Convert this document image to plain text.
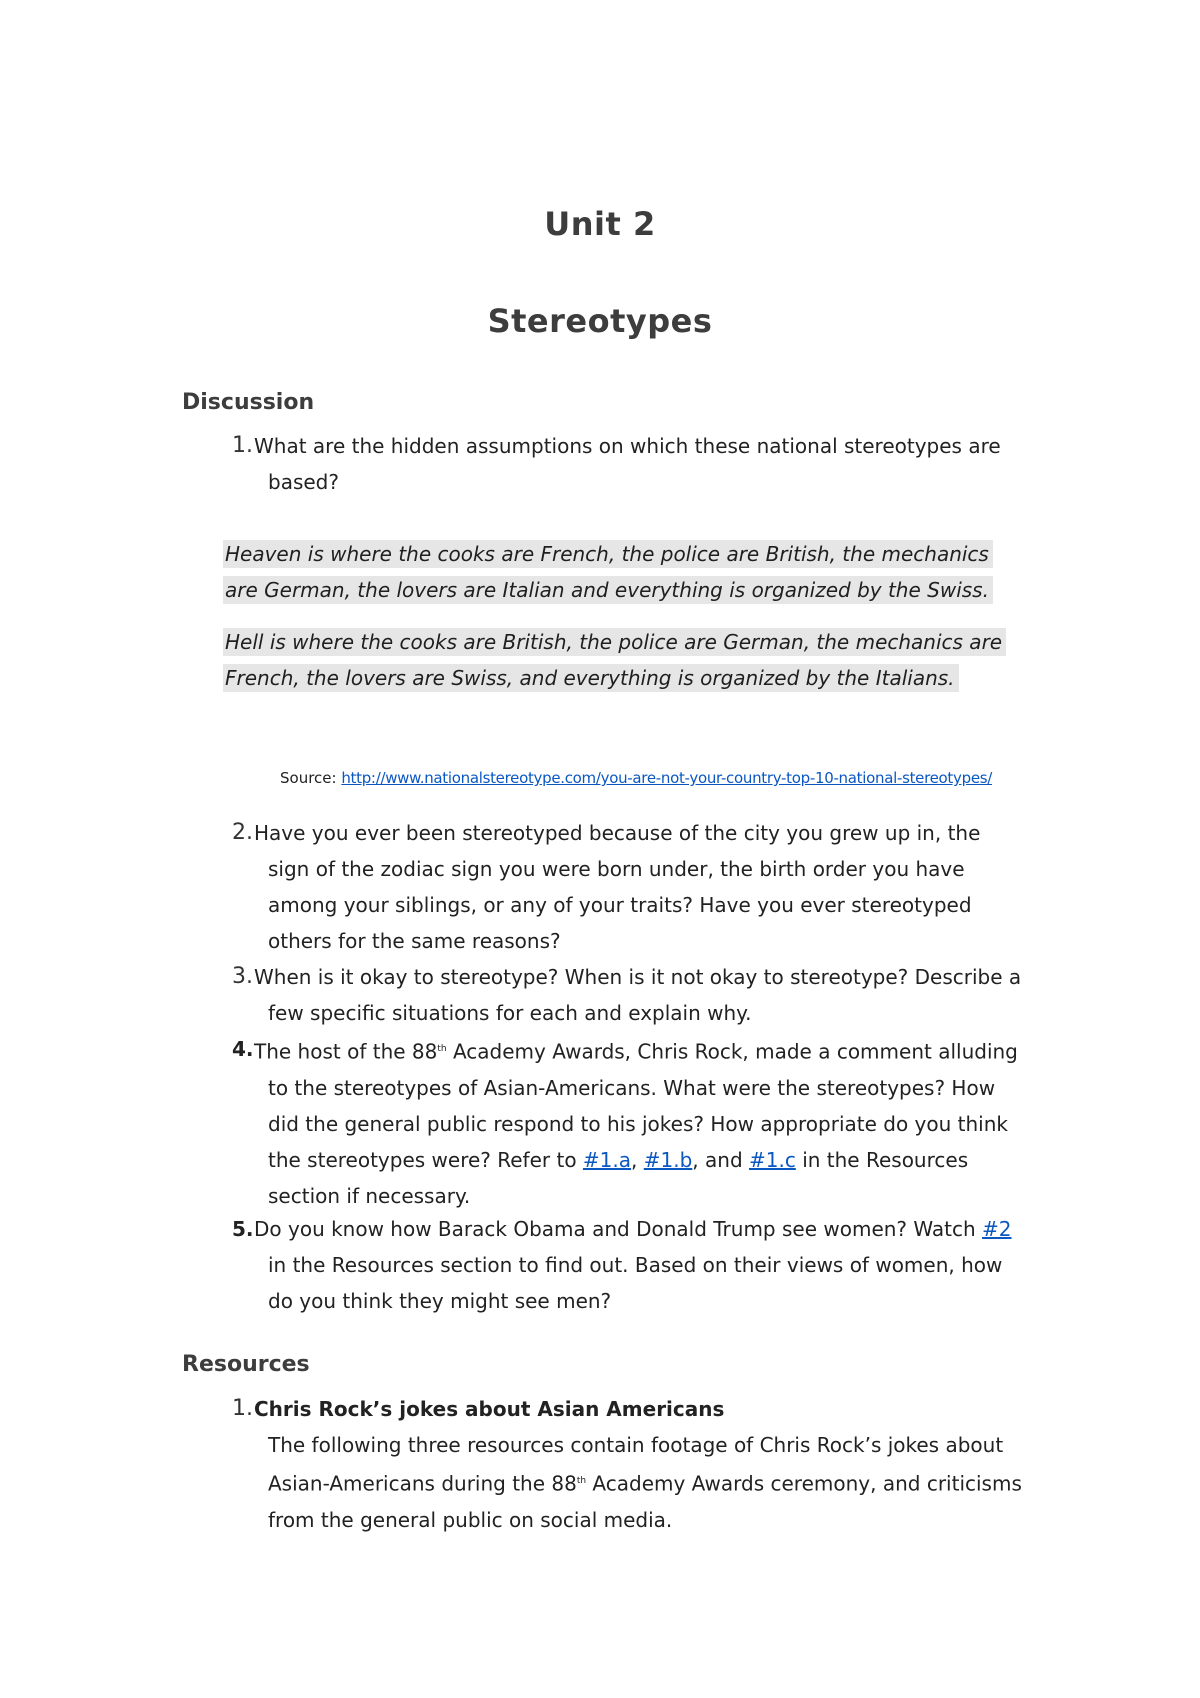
Unit 2
Stereotypes
Discussion
1. What are the hidden assumptions on which these national stereotypes are based?
Heaven is where the cooks are French, the police are British, the mechanics are German, the lovers are Italian and everything is organized by the Swiss.
Hell is where the cooks are British, the police are German, the mechanics are French, the lovers are Swiss, and everything is organized by the Italians.
Source: http://www.nationalstereotype.com/you-are-not-your-country-top-10-national-stereotypes/
2. Have you ever been stereotyped because of the city you grew up in, the sign of the zodiac sign you were born under, the birth order you have among your siblings, or any of your traits? Have you ever stereotyped others for the same reasons?
3. When is it okay to stereotype? When is it not okay to stereotype? Describe a few specific situations for each and explain why.
4. The host of the 88th Academy Awards, Chris Rock, made a comment alluding to the stereotypes of Asian-Americans. What were the stereotypes? How did the general public respond to his jokes? How appropriate do you think the stereotypes were? Refer to #1.a, #1.b, and #1.c in the Resources section if necessary.
5. Do you know how Barack Obama and Donald Trump see women? Watch #2 in the Resources section to find out. Based on their views of women, how do you think they might see men?
Resources
1. Chris Rock’s jokes about Asian Americans
The following three resources contain footage of Chris Rock’s jokes about Asian-Americans during the 88th Academy Awards ceremony, and criticisms from the general public on social media.
